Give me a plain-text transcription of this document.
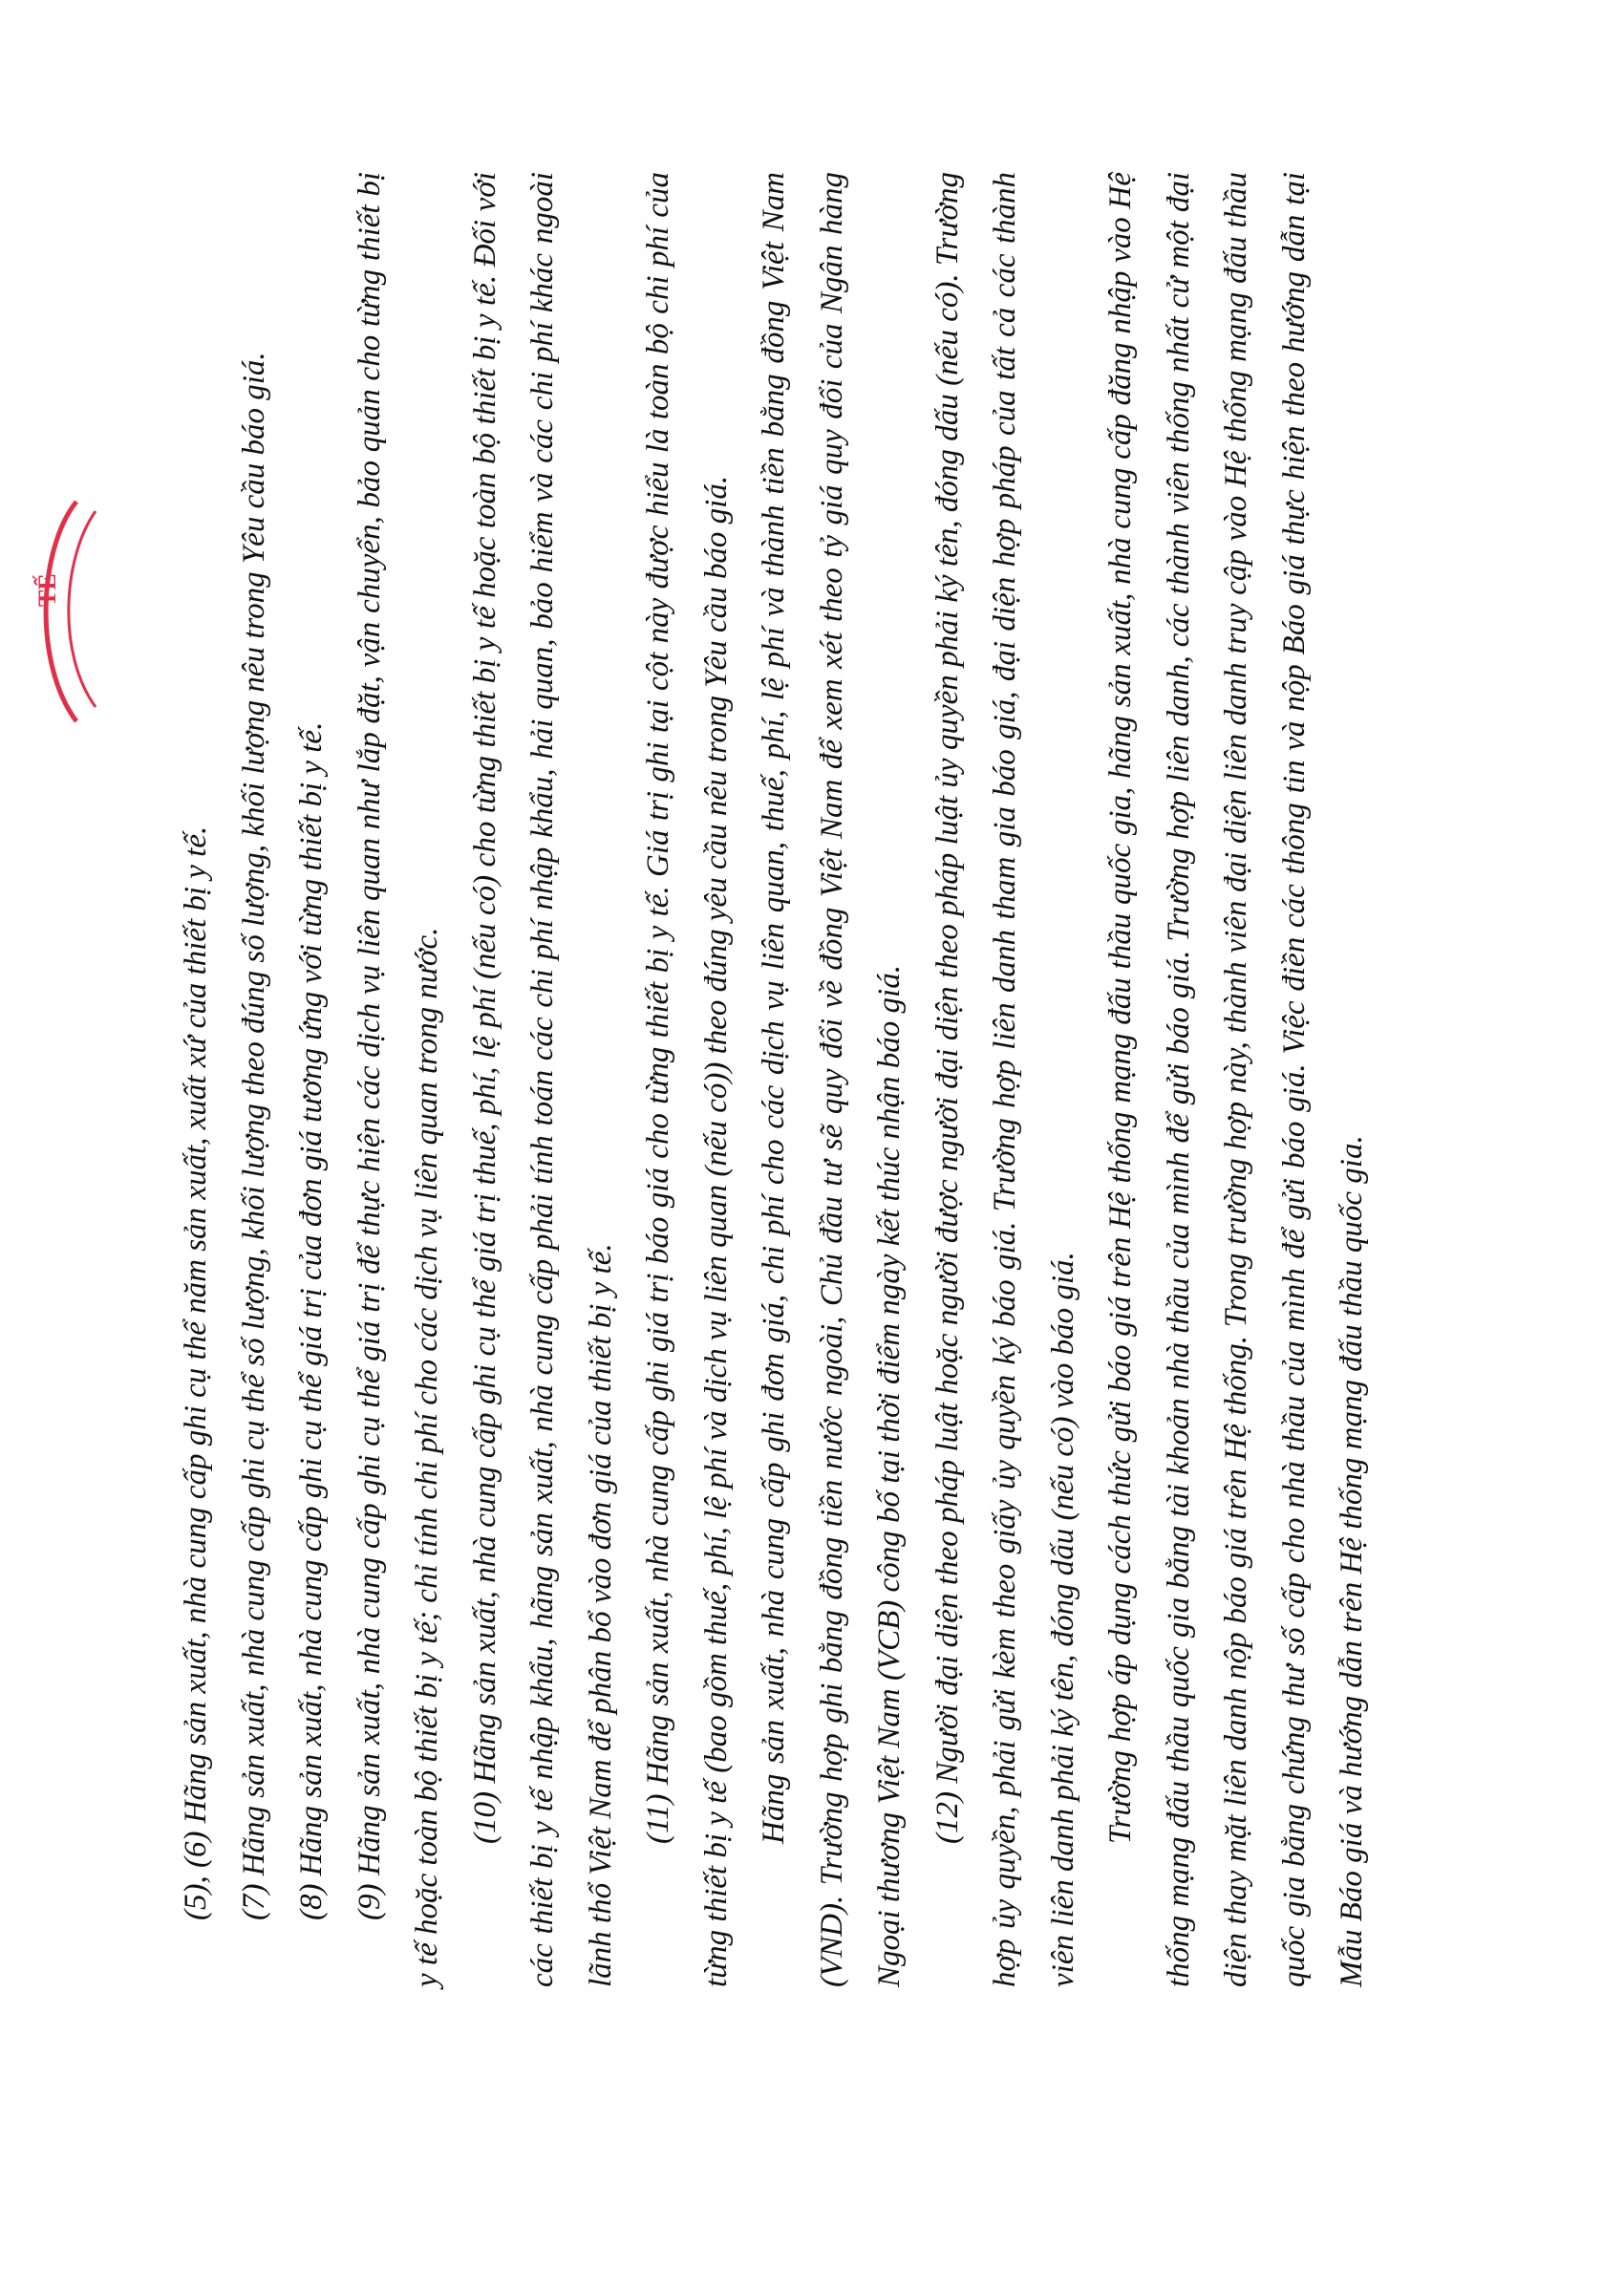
TẾ

(5), (6) Hãng sản xuất, nhà cung cấp ghi cụ thể năm sản xuất, xuất xứ của thiết bị y tế. (7) Hãng sản xuất, nhà cung cấp ghi cụ thể số lượng, khối lượng theo đúng số lượng, khối lượng nêu trong Yêu cầu báo giá. (8) Hãng sản xuất, nhà cung cấp ghi cụ thể giá trị của đơn giá tương ứng với từng thiết bị y tế. (9) Hãng sản xuất, nhà cung cấp ghi cụ thể giá trị để thực hiện các dịch vụ liên quan như lắp đặt, vận chuyển, bảo quản cho từng thiết bị y tế hoặc toàn bộ thiết bị y tế; chỉ tính chi phí cho các dịch vụ liên quan trong nước. (10) Hãng sản xuất, nhà cung cấp ghi cụ thể giá trị thuế, phí, lệ phí (nếu có) cho từng thiết bị y tế hoặc toàn bộ thiết bị y tế. Đối với các thiết bị y tế nhập khẩu, hãng sản xuất, nhà cung cấp phải tính toán các chi phí nhập khẩu, hải quan, bảo hiểm và các chi phí khác ngoài lãnh thổ Việt Nam để phân bổ vào đơn giá của thiết bị y tế. (11) Hãng sản xuất, nhà cung cấp ghi giá trị báo giá cho từng thiết bị y tế. Giá trị ghi tại cột này được hiểu là toàn bộ chi phí của từng thiết bị y tế (bao gồm thuế, phí, lệ phí và dịch vụ liên quan (nếu có)) theo đúng yêu cầu nêu trong Yêu cầu báo giá. Hãng sản xuất, nhà cung cấp ghi đơn giá, chi phí cho các dịch vụ liên quan, thuế, phí, lệ phí và thành tiền bằng đồng Việt Nam (VND). Trường hợp ghi bằng đồng tiền nước ngoài, Chủ đầu tư sẽ quy đổi về đồng Việt Nam để xem xét theo tỷ giá quy đổi của Ngân hàng Ngoại thương Việt Nam (VCB) công bố tại thời điểm ngày kết thúc nhận báo giá. (12) Người đại diện theo pháp luật hoặc người được người đại diện theo pháp luật ủy quyền phải ký tên, đóng dấu (nếu có). Trường hợp ủy quyền, phải gửi kèm theo giấy ủy quyền ký báo giá. Trường hợp liên danh tham gia báo giá, đại diện hợp pháp của tất cả các thành viên liên danh phải ký tên, đóng dấu (nếu có) vào báo giá. Trường hợp áp dụng cách thức gửi báo giá trên Hệ thống mạng đấu thầu quốc gia, hãng sản xuất, nhà cung cấp đăng nhập vào Hệ thống mạng đấu thầu quốc gia bằng tài khoản nhà thầu của mình để gửi báo giá. Trường hợp liên danh, các thành viên thống nhất cử một đại diện thay mặt liên danh nộp báo giá trên Hệ thống. Trong trường hợp này, thành viên đại diện liên danh truy cập vào Hệ thống mạng đấu thầu quốc gia bằng chứng thư số cấp cho nhà thầu của mình để gửi báo giá. Việc điền các thông tin và nộp Báo giá thực hiện theo hướng dẫn tại Mẫu Báo giá và hướng dẫn trên Hệ thống mạng đấu thầu quốc gia.
